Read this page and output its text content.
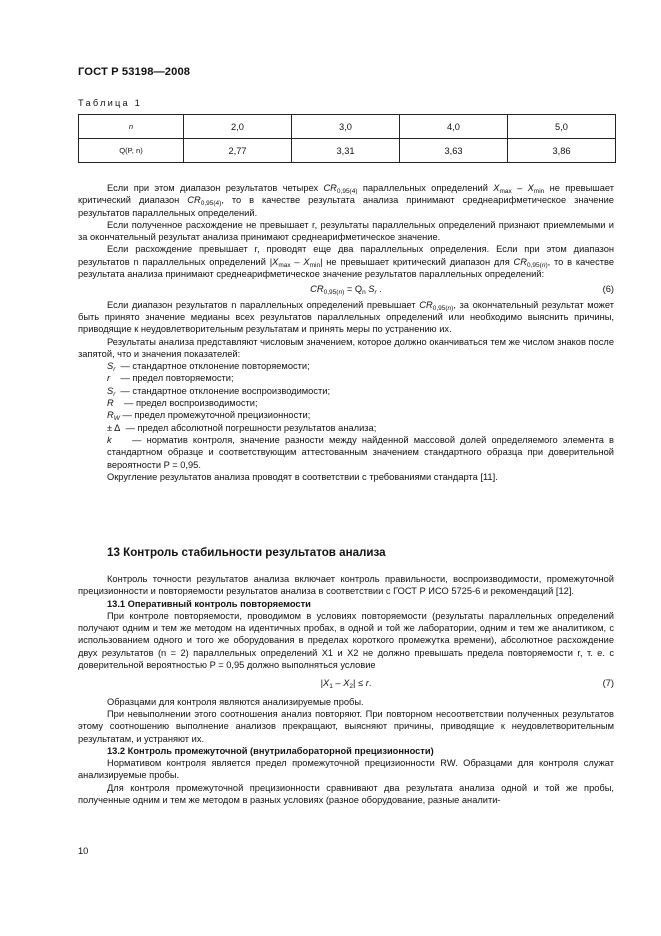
ГОСТ Р 53198—2008
Таблица 1
n	2,0	3,0	4,0	5,0
Q(P, n)	2,77	3,31	3,63	3,86

Если при этом диапазон результатов четырех $CR_{0,95(4)}$ параллельных определений $X_{max} - X_{min}$ не превышает критический диапазон $CR_{0,95(4)}$, то в качестве результата анализа принимают среднеарифметическое значение результатов параллельных определений.

Если полученное расхождение не превышает r, результаты параллельных определений признают приемлемыми и за окончательный результат анализа принимают среднеарифметическое значение.

Если расхождение превышает r, проводят еще два параллельных определения. Если при этом диапазон результатов n параллельных определений $|X_{max} - X_{min}|$ не превышает критический диапазон для $CR_{0,95(n)}$, то в качестве результата анализа принимают среднеарифметическое значение результатов параллельных определений:

$CR_{0,95(n)} = Q_n$ $S_r$ .	(6)

Если диапазон результатов n параллельных определений превышает $CR_{0,95(n)}$, за окончательный результат может быть принято значение медианы всех результатов параллельных определений или необходимо выяснить причины, приводящие к неудовлетворительным результатам и принять меры по устранению их.

Результаты анализа представляют числовым значением, которое должно оканчиваться тем же числом знаков после запятой, что и значения показателей:

$S_r$ — стандартное отклонение повторяемости;

r — предел повторяемости;

$S_r$ — стандартное отклонение воспроизводимости;

R — предел воспроизводимости;

$R_W$ — предел промежуточной прецизионности;

± Δ  — предел абсолютной погрешности результатов анализа;

k — норматив контроля, значение разности между найденной массовой долей определяемого элемента в стандартном образце и соответствующим аттестованным значением стандартного образца при доверительной вероятности P = 0,95.

Округление результатов анализа проводят в соответствии с требованиями стандарта [11].

13 Контроль стабильности результатов анализа

Контроль точности результатов анализа включает контроль правильности, воспроизводимости, промежуточной прецизионности и повторяемости результатов анализа в соответствии с ГОСТ Р ИСО 5725-6 и рекомендаций [12].

13.1 Оперативный контроль повторяемости

При контроле повторяемости, проводимом в условиях повторяемости (результаты параллельных определений получают одним и тем же методом на идентичных пробах, в одной и той же лаборатории, одним и тем же аналитиком, с использованием одного и того же оборудования в пределах короткого промежутка времени), абсолютное расхождение двух результатов (n = 2) параллельных определений X1 и X2 не должно превышать предела повторяемости r, т. е. с доверительной вероятностью P = 0,95 должно выполняться условие

$|X_1 - X_2| \le r$.	(7)

Образцами для контроля являются анализируемые пробы.

При невыполнении этого соотношения анализ повторяют. При повторном несоответствии полученных результатов этому соотношению выполнение анализов прекращают, выясняют причины, приводящие к неудовлетворительным результатам, и устраняют их.

13.2 Контроль промежуточной (внутрилабораторной прецизионности)

Нормативом контроля является предел промежуточной прецизионности RW. Образцами для контроля служат анализируемые пробы.

Для контроля промежуточной прецизионности сравнивают два результата анализа одной и той же пробы, полученные одним и тем же методом в разных условиях (разное оборудование, разные аналити-

10
